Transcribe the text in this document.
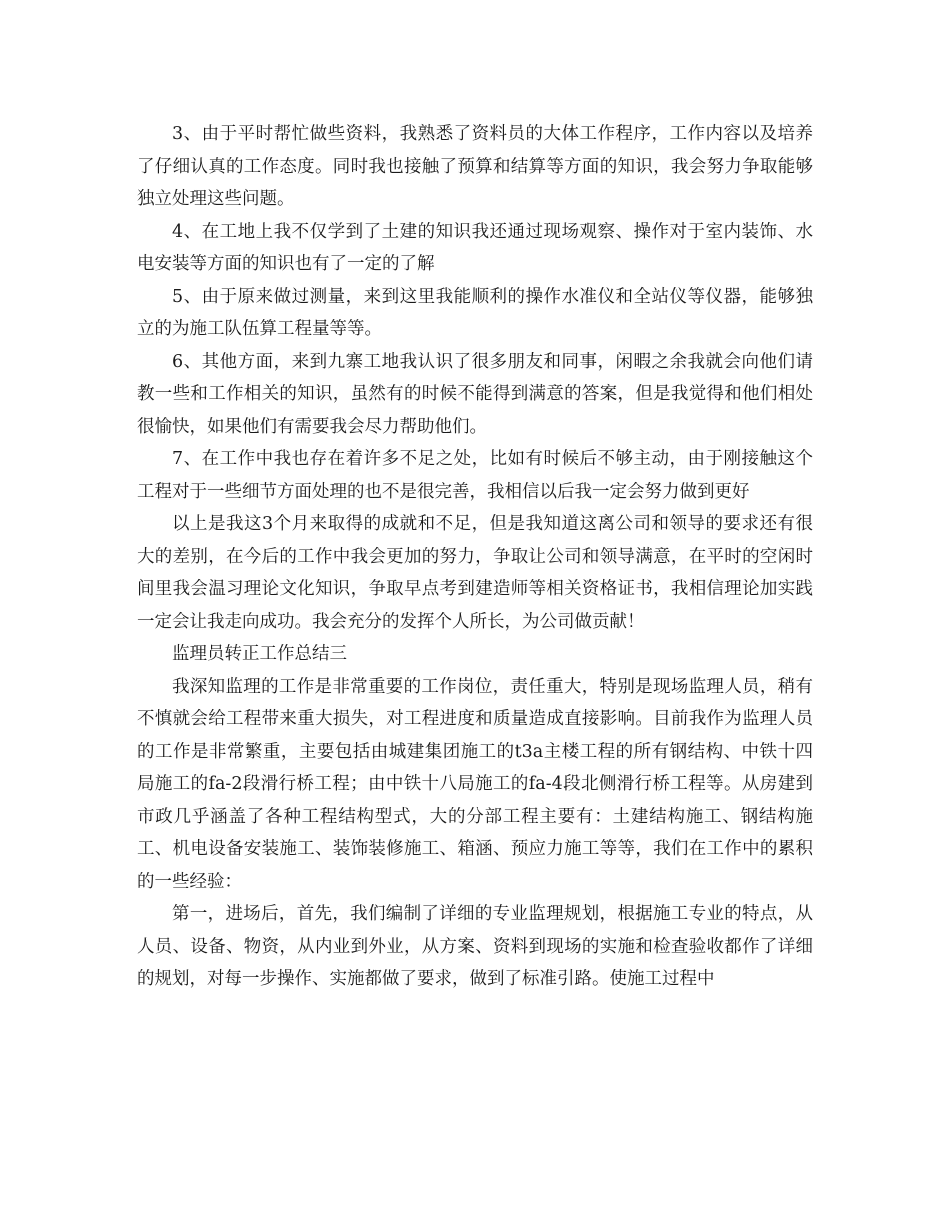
3、由于平时帮忙做些资料，我熟悉了资料员的大体工作程序，工作内容以及培养了仔细认真的工作态度。同时我也接触了预算和结算等方面的知识，我会努力争取能够独立处理这些问题。

4、在工地上我不仅学到了土建的知识我还通过现场观察、操作对于室内装饰、水电安装等方面的知识也有了一定的了解

5、由于原来做过测量，来到这里我能顺利的操作水准仪和全站仪等仪器，能够独立的为施工队伍算工程量等等。

6、其他方面，来到九寨工地我认识了很多朋友和同事，闲暇之余我就会向他们请教一些和工作相关的知识，虽然有的时候不能得到满意的答案，但是我觉得和他们相处很愉快，如果他们有需要我会尽力帮助他们。

7、在工作中我也存在着许多不足之处，比如有时候后不够主动，由于刚接触这个工程对于一些细节方面处理的也不是很完善，我相信以后我一定会努力做到更好

以上是我这3个月来取得的成就和不足，但是我知道这离公司和领导的要求还有很大的差别，在今后的工作中我会更加的努力，争取让公司和领导满意，在平时的空闲时间里我会温习理论文化知识，争取早点考到建造师等相关资格证书，我相信理论加实践一定会让我走向成功。我会充分的发挥个人所长，为公司做贡献！

监理员转正工作总结三

我深知监理的工作是非常重要的工作岗位，责任重大，特别是现场监理人员，稍有不慎就会给工程带来重大损失，对工程进度和质量造成直接影响。目前我作为监理人员的工作是非常繁重，主要包括由城建集团施工的t3a主楼工程的所有钢结构、中铁十四局施工的fa-2段滑行桥工程；由中铁十八局施工的fa-4段北侧滑行桥工程等。从房建到市政几乎涵盖了各种工程结构型式，大的分部工程主要有：土建结构施工、钢结构施工、机电设备安装施工、装饰装修施工、箱涵、预应力施工等等，我们在工作中的累积的一些经验：

第一，进场后，首先，我们编制了详细的专业监理规划，根据施工专业的特点，从人员、设备、物资，从内业到外业，从方案、资料到现场的实施和检查验收都作了详细的规划，对每一步操作、实施都做了要求，做到了标准引路。使施工过程中
